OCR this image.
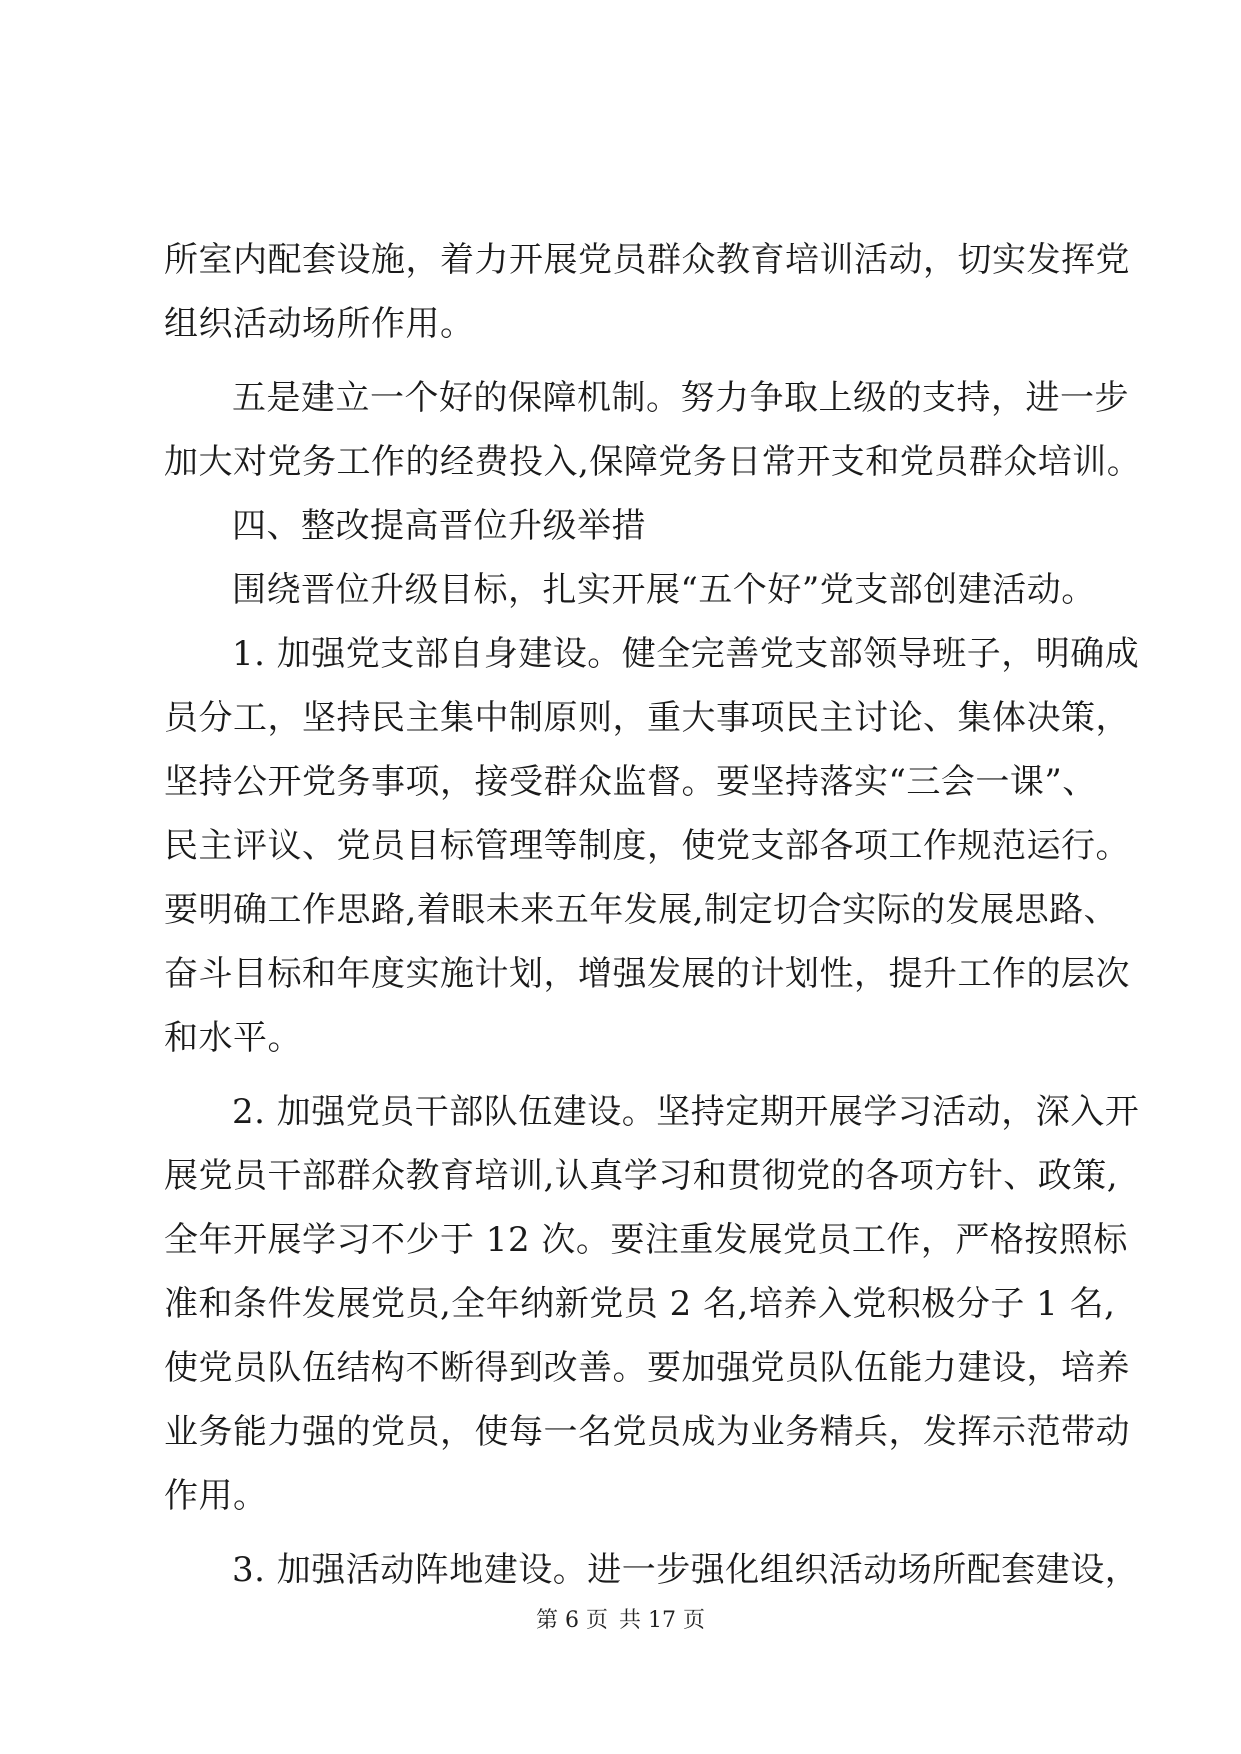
所室内配套设施，着力开展党员群众教育培训活动，切实发挥党
组织活动场所作用。
五是建立一个好的保障机制。努力争取上级的支持，进一步
加大对党务工作的经费投入,保障党务日常开支和党员群众培训。
四、整改提高晋位升级举措
围绕晋位升级目标，扎实开展“五个好”党支部创建活动。
1. 加强党支部自身建设。健全完善党支部领导班子，明确成
员分工，坚持民主集中制原则，重大事项民主讨论、集体决策，
坚持公开党务事项，接受群众监督。要坚持落实“三会一课”、
民主评议、党员目标管理等制度，使党支部各项工作规范运行。
要明确工作思路,着眼未来五年发展,制定切合实际的发展思路、
奋斗目标和年度实施计划，增强发展的计划性，提升工作的层次
和水平。
2. 加强党员干部队伍建设。坚持定期开展学习活动，深入开
展党员干部群众教育培训,认真学习和贯彻党的各项方针、政策,
全年开展学习不少于 12 次。要注重发展党员工作，严格按照标
准和条件发展党员,全年纳新党员 2 名,培养入党积极分子 1 名,
使党员队伍结构不断得到改善。要加强党员队伍能力建设，培养
业务能力强的党员，使每一名党员成为业务精兵，发挥示范带动
作用。
3. 加强活动阵地建设。进一步强化组织活动场所配套建设，
第 6 页 共 17 页
